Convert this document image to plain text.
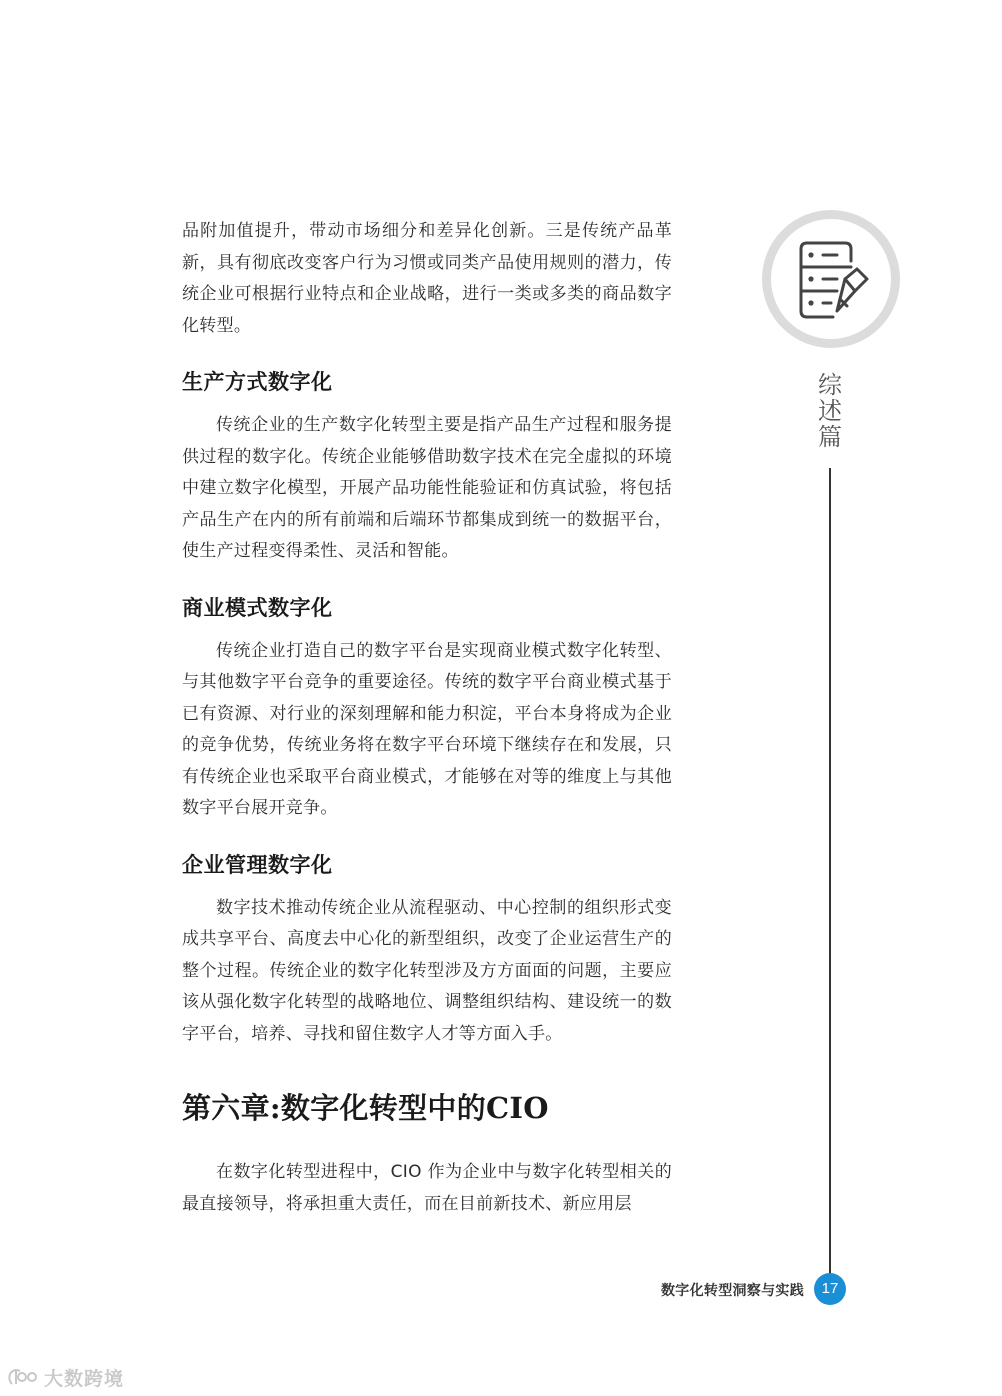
品附加值提升，带动市场细分和差异化创新。三是传统产品革新，具有彻底改变客户行为习惯或同类产品使用规则的潜力，传统企业可根据行业特点和企业战略，进行一类或多类的商品数字化转型。

生产方式数字化

传统企业的生产数字化转型主要是指产品生产过程和服务提供过程的数字化。传统企业能够借助数字技术在完全虚拟的环境中建立数字化模型，开展产品功能性能验证和仿真试验，将包括产品生产在内的所有前端和后端环节都集成到统一的数据平台，使生产过程变得柔性、灵活和智能。

商业模式数字化

传统企业打造自己的数字平台是实现商业模式数字化转型、与其他数字平台竞争的重要途径。传统的数字平台商业模式基于已有资源、对行业的深刻理解和能力积淀，平台本身将成为企业的竞争优势，传统业务将在数字平台环境下继续存在和发展，只有传统企业也采取平台商业模式，才能够在对等的维度上与其他数字平台展开竞争。

企业管理数字化

数字技术推动传统企业从流程驱动、中心控制的组织形式变成共享平台、高度去中心化的新型组织，改变了企业运营生产的整个过程。传统企业的数字化转型涉及方方面面的问题，主要应该从强化数字化转型的战略地位、调整组织结构、建设统一的数字平台，培养、寻找和留住数字人才等方面入手。

第六章:数字化转型中的CIO

在数字化转型进程中，CIO 作为企业中与数字化转型相关的最直接领导，将承担重大责任，而在目前新技术、新应用层

综
述
篇
数字化转型洞察与实践	17
大数跨境
